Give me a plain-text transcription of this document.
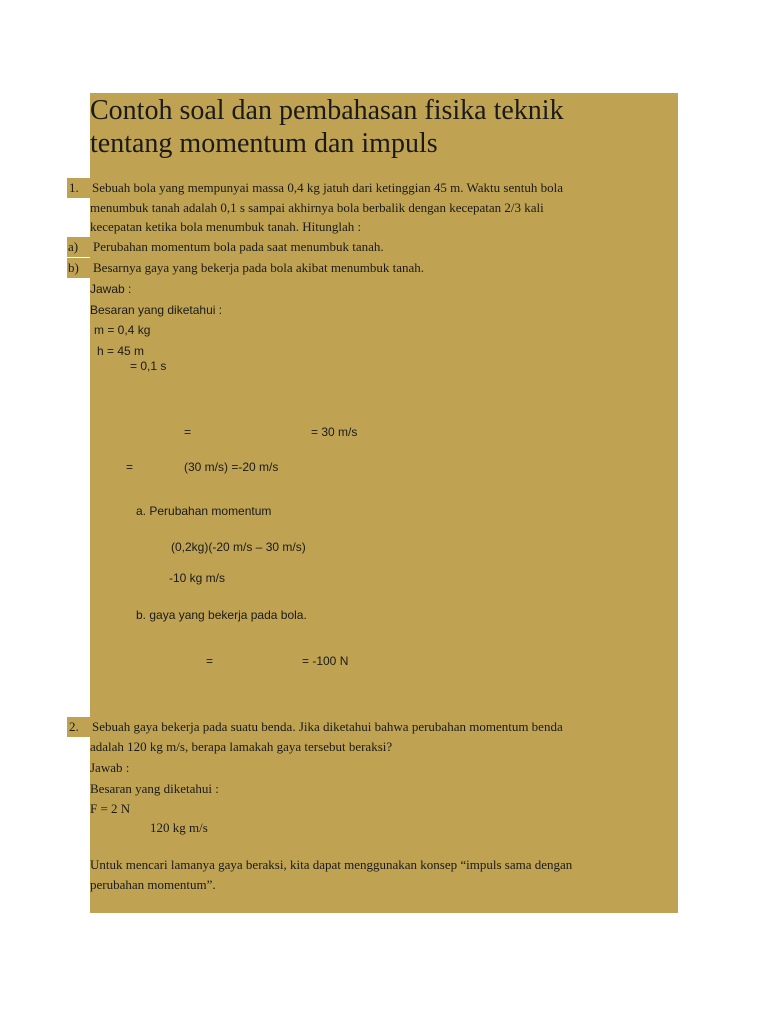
Contoh soal dan pembahasan fisika teknik
tentang momentum dan impuls
1. Sebuah bola yang mempunyai massa 0,4 kg jatuh dari ketinggian 45 m. Waktu sentuh bola
menumbuk tanah adalah 0,1 s sampai akhirnya bola berbalik dengan kecepatan 2/3 kali
kecepatan ketika bola menumbuk tanah. Hitunglah :
a) Perubahan momentum bola pada saat menumbuk tanah.
b) Besarnya gaya yang bekerja pada bola akibat menumbuk tanah.
Jawab :
Besaran yang diketahui :
m = 0,4 kg
h = 45 m
= 0,1 s
=	= 30 m/s
=	(30 m/s) =-20 m/s
a. Perubahan momentum
(0,2kg)(-20 m/s – 30 m/s)
-10 kg m/s
b. gaya yang bekerja pada bola.
=	= -100 N
2. Sebuah gaya bekerja pada suatu benda. Jika diketahui bahwa perubahan momentum benda
adalah 120 kg m/s, berapa lamakah gaya tersebut beraksi?
Jawab :
Besaran yang diketahui :
F = 2 N
120 kg m/s
Untuk mencari lamanya gaya beraksi, kita dapat menggunakan konsep “impuls sama dengan
perubahan momentum”.
